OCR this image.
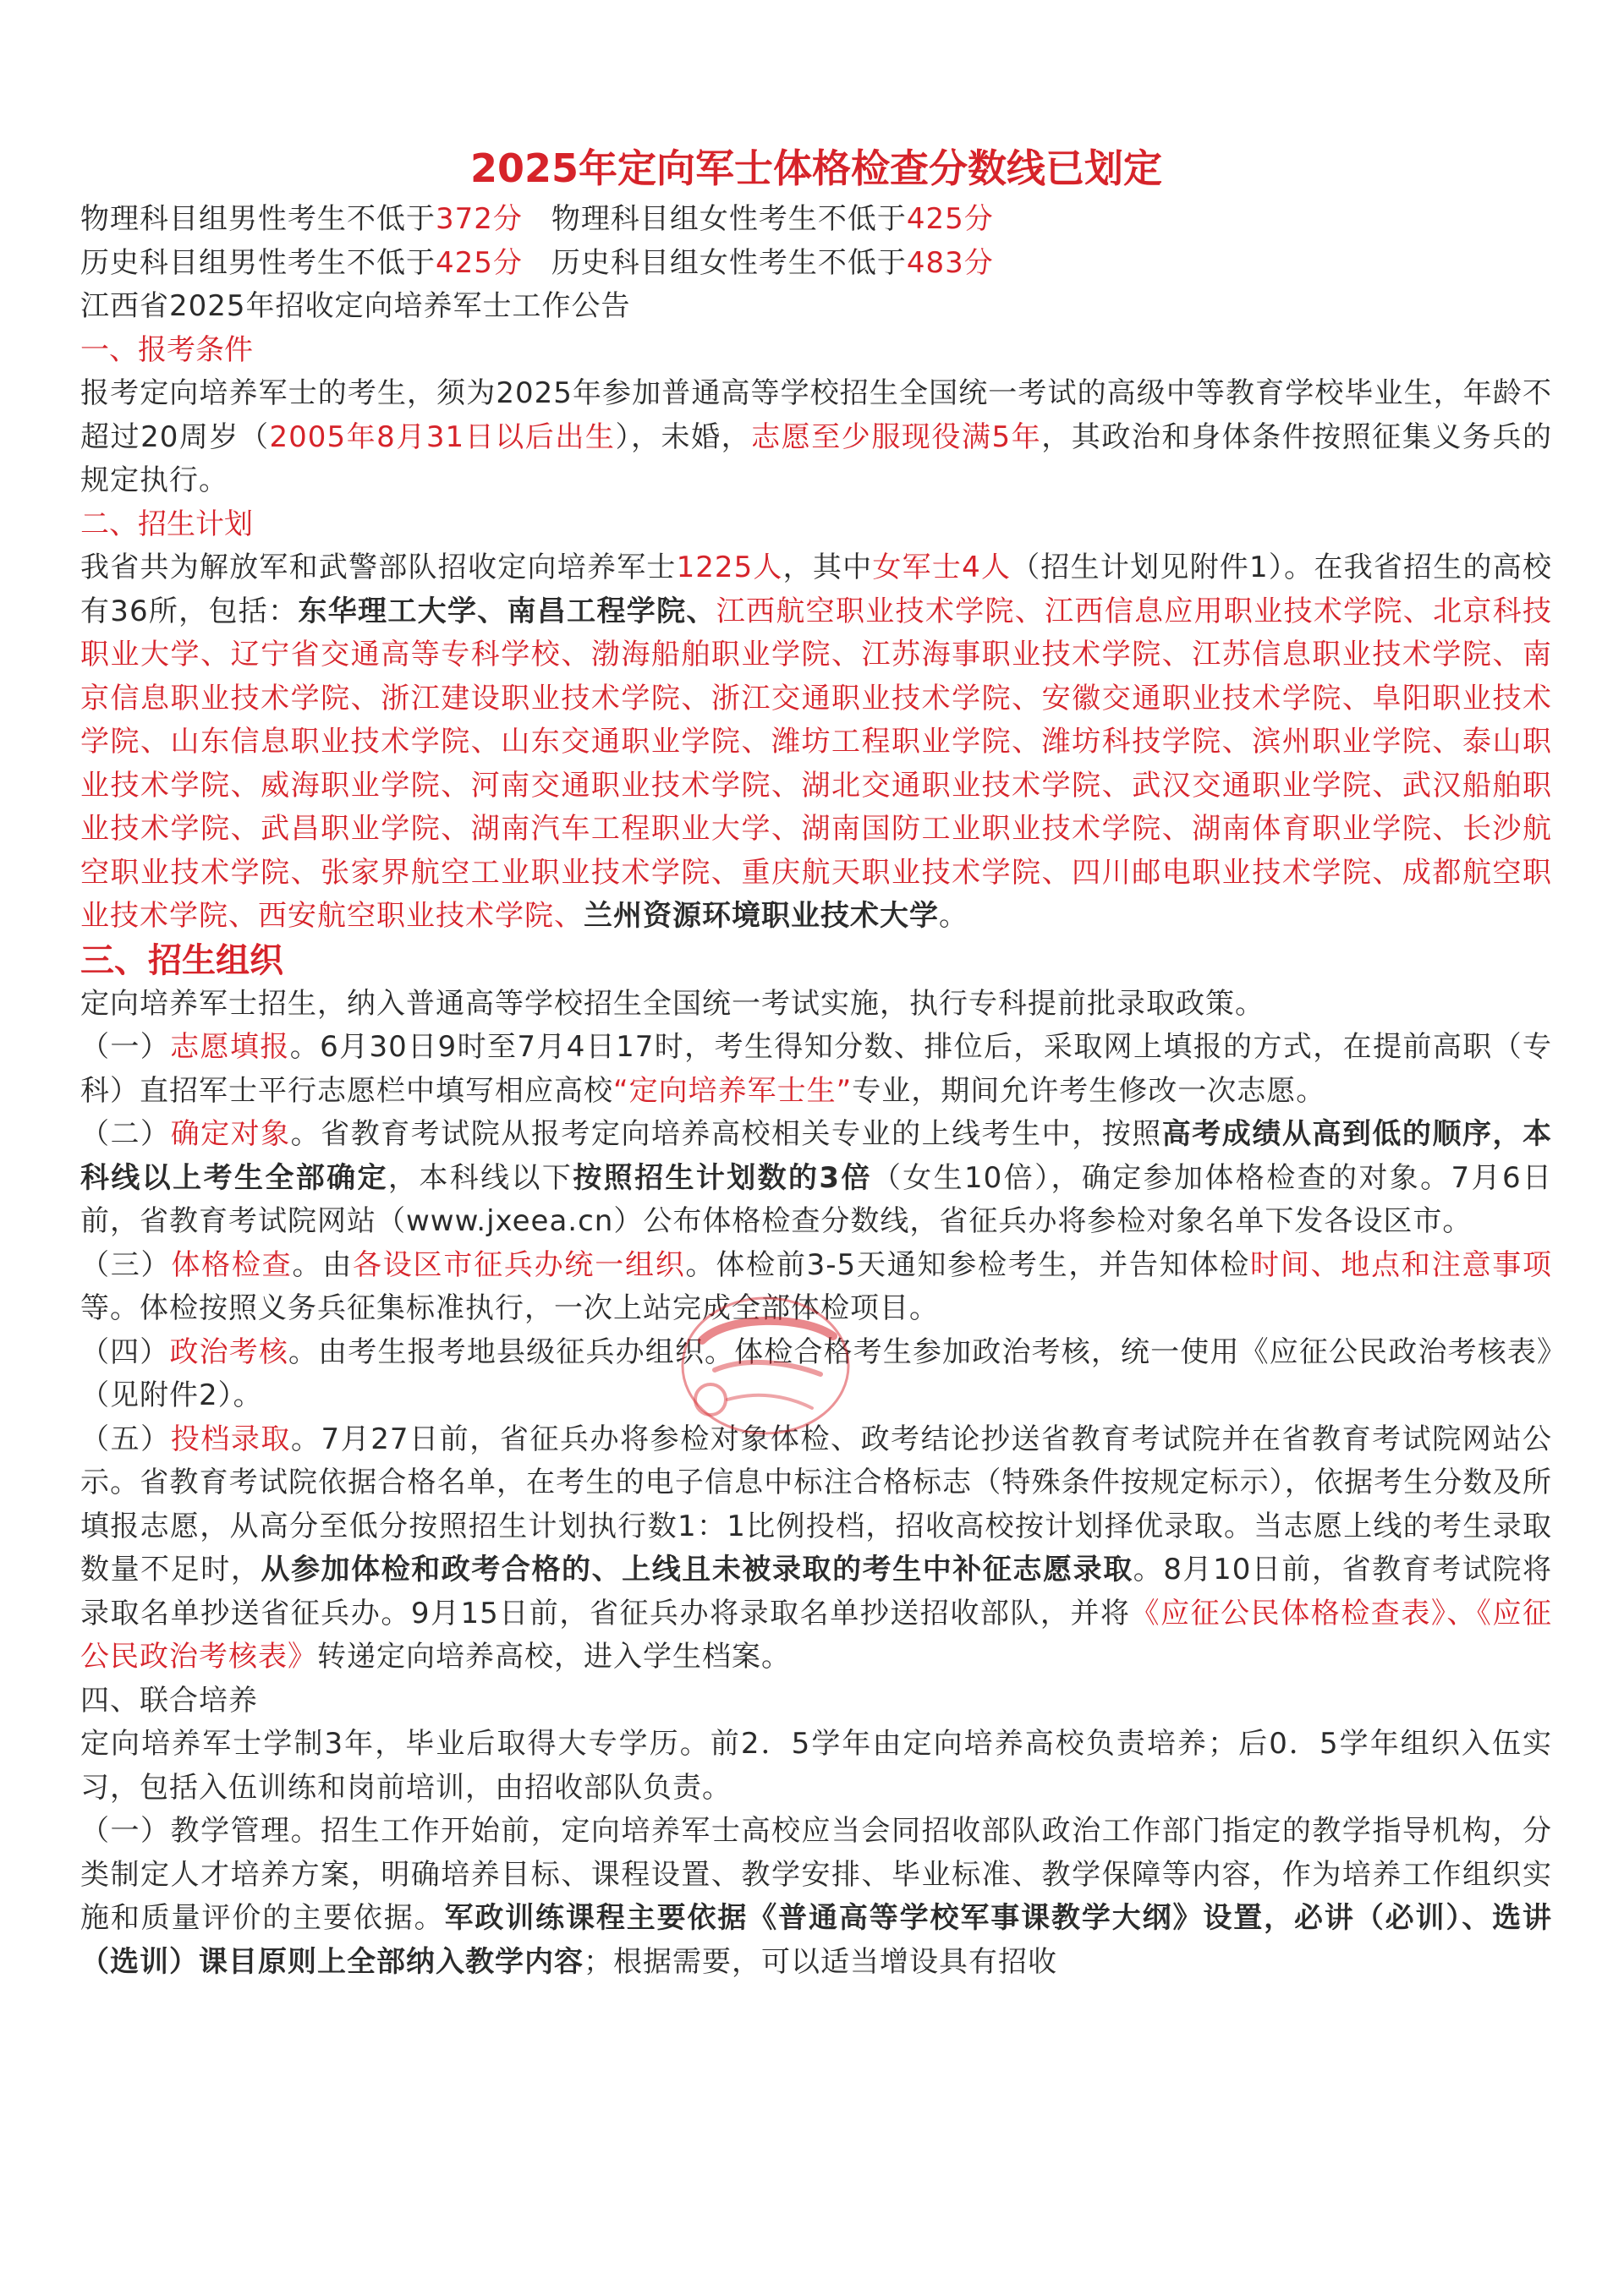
2025年定向军士体格检查分数线已划定

物理科目组男性考生不低于372分 物理科目组女性考生不低于425分

历史科目组男性考生不低于425分 历史科目组女性考生不低于483分

江西省2025年招收定向培养军士工作公告

一、报考条件

报考定向培养军士的考生，须为2025年参加普通高等学校招生全国统一考试的高级中等教育学校毕业生，年龄不超过20周岁（2005年8月31日以后出生），未婚，志愿至少服现役满5年，其政治和身体条件按照征集义务兵的规定执行。

二、招生计划

我省共为解放军和武警部队招收定向培养军士1225人，其中女军士4人（招生计划见附件1）。在我省招生的高校有36所，包括：东华理工大学、南昌工程学院、江西航空职业技术学院、江西信息应用职业技术学院、北京科技职业大学、辽宁省交通高等专科学校、渤海船舶职业学院、江苏海事职业技术学院、江苏信息职业技术学院、南京信息职业技术学院、浙江建设职业技术学院、浙江交通职业技术学院、安徽交通职业技术学院、阜阳职业技术学院、山东信息职业技术学院、山东交通职业学院、潍坊工程职业学院、潍坊科技学院、滨州职业学院、泰山职业技术学院、威海职业学院、河南交通职业技术学院、湖北交通职业技术学院、武汉交通职业学院、武汉船舶职业技术学院、武昌职业学院、湖南汽车工程职业大学、湖南国防工业职业技术学院、湖南体育职业学院、长沙航空职业技术学院、张家界航空工业职业技术学院、重庆航天职业技术学院、四川邮电职业技术学院、成都航空职业技术学院、西安航空职业技术学院、兰州资源环境职业技术大学。

三、招生组织

定向培养军士招生，纳入普通高等学校招生全国统一考试实施，执行专科提前批录取政策。

（一）志愿填报。6月30日9时至7月4日17时，考生得知分数、排位后，采取网上填报的方式，在提前高职（专科）直招军士平行志愿栏中填写相应高校“定向培养军士生”专业，期间允许考生修改一次志愿。

（二）确定对象。省教育考试院从报考定向培养高校相关专业的上线考生中，按照高考成绩从高到低的顺序，本科线以上考生全部确定，本科线以下按照招生计划数的3倍（女生10倍），确定参加体格检查的对象。7月6日前，省教育考试院网站（www.jxeea.cn）公布体格检查分数线，省征兵办将参检对象名单下发各设区市。

（三）体格检查。由各设区市征兵办统一组织。体检前3-5天通知参检考生，并告知体检时间、地点和注意事项等。体检按照义务兵征集标准执行，一次上站完成全部体检项目。

（四）政治考核。由考生报考地县级征兵办组织。体检合格考生参加政治考核，统一使用《应征公民政治考核表》（见附件2）。

（五）投档录取。7月27日前，省征兵办将参检对象体检、政考结论抄送省教育考试院并在省教育考试院网站公示。省教育考试院依据合格名单，在考生的电子信息中标注合格标志（特殊条件按规定标示），依据考生分数及所填报志愿，从高分至低分按照招生计划执行数1：1比例投档，招收高校按计划择优录取。当志愿上线的考生录取数量不足时，从参加体检和政考合格的、上线且未被录取的考生中补征志愿录取。8月10日前，省教育考试院将录取名单抄送省征兵办。9月15日前，省征兵办将录取名单抄送招收部队，并将《应征公民体格检查表》、《应征公民政治考核表》转递定向培养高校，进入学生档案。

四、联合培养

定向培养军士学制3年，毕业后取得大专学历。前2．5学年由定向培养高校负责培养；后0．5学年组织入伍实习，包括入伍训练和岗前培训，由招收部队负责。

（一）教学管理。招生工作开始前，定向培养军士高校应当会同招收部队政治工作部门指定的教学指导机构，分类制定人才培养方案，明确培养目标、课程设置、教学安排、毕业标准、教学保障等内容，作为培养工作组织实施和质量评价的主要依据。军政训练课程主要依据《普通高等学校军事课教学大纲》设置，必讲（必训）、选讲（选训）课目原则上全部纳入教学内容；根据需要，可以适当增设具有招收
